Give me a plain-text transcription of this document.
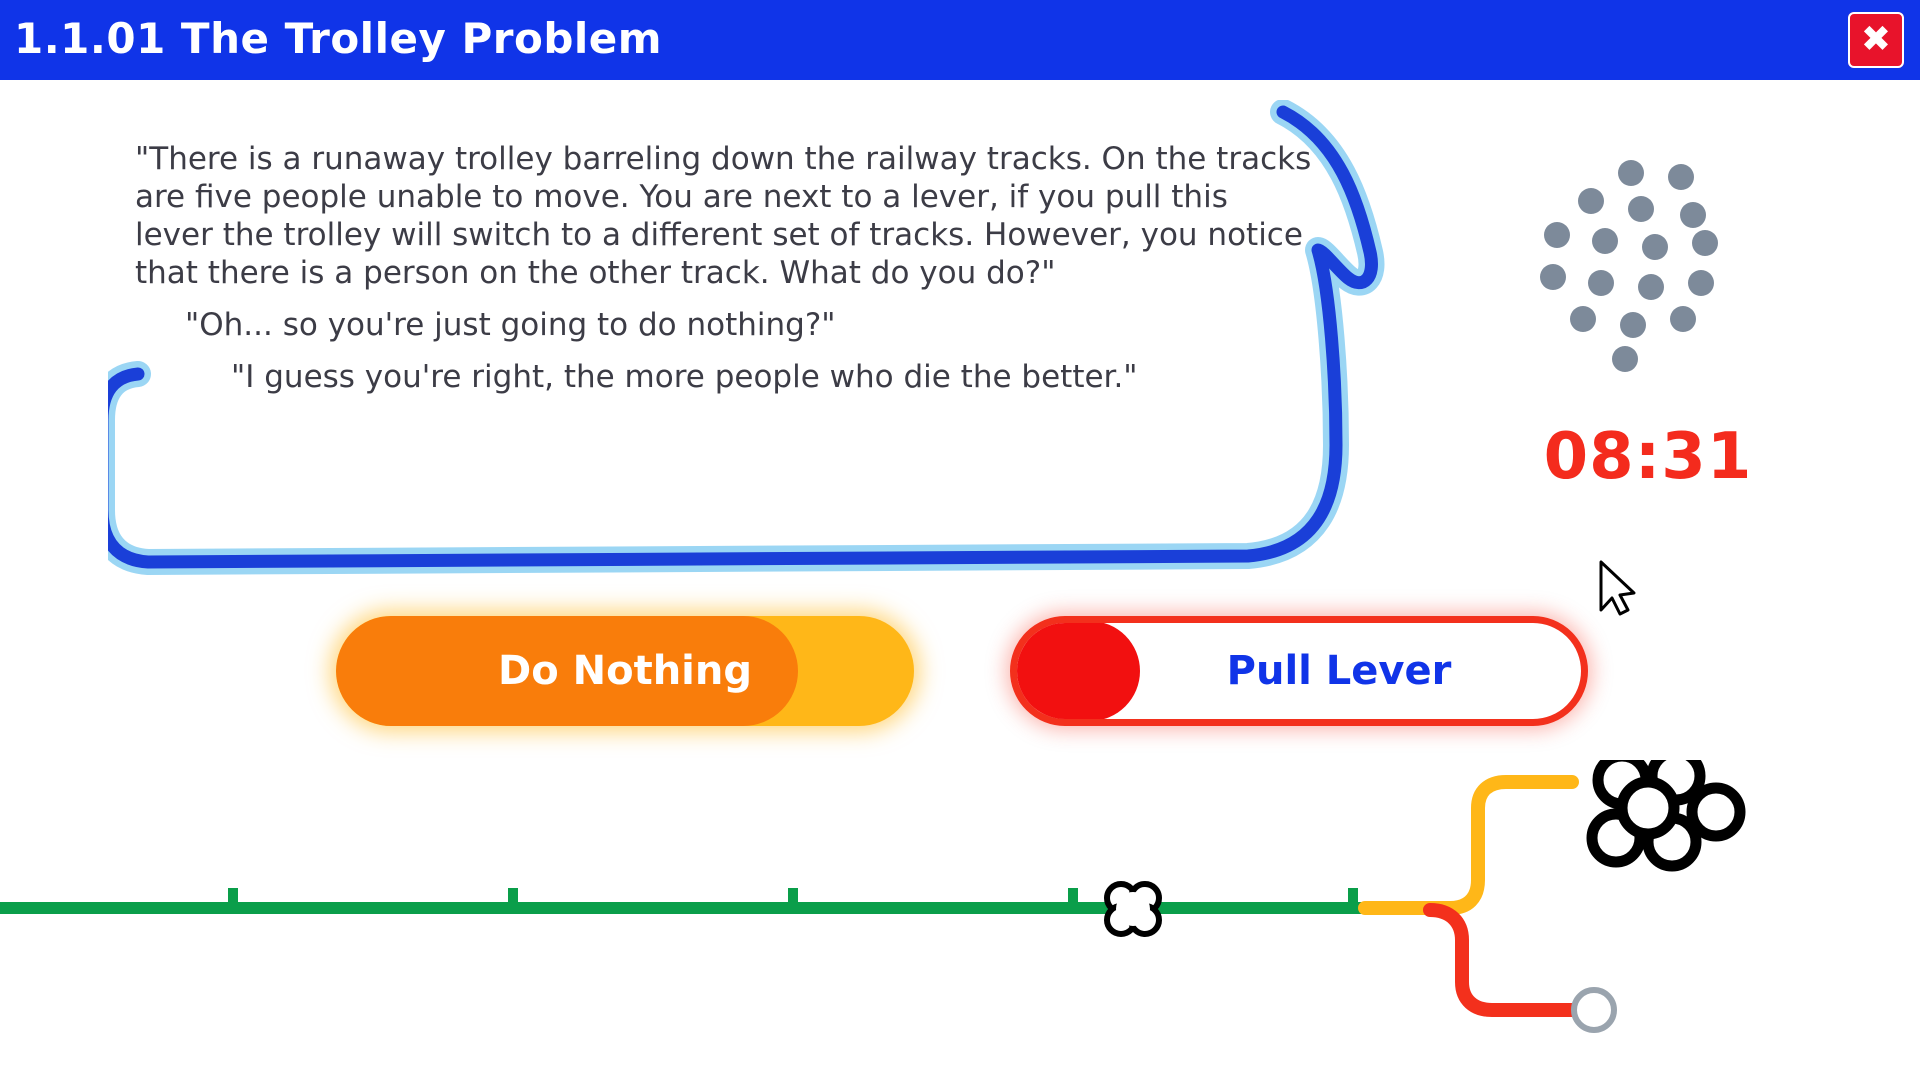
1.1.01 The Trolley Problem	✖
"There is a runaway trolley barreling down the railway tracks. On the tracks are five people unable to move. You are next to a lever, if you pull this lever the trolley will switch to a different set of tracks. However, you notice that there is a person on the other track. What do you do?"
"Oh... so you're just going to do nothing?"
"I guess you're right, the more people who die the better."
08:31
Do Nothing	Pull Lever
